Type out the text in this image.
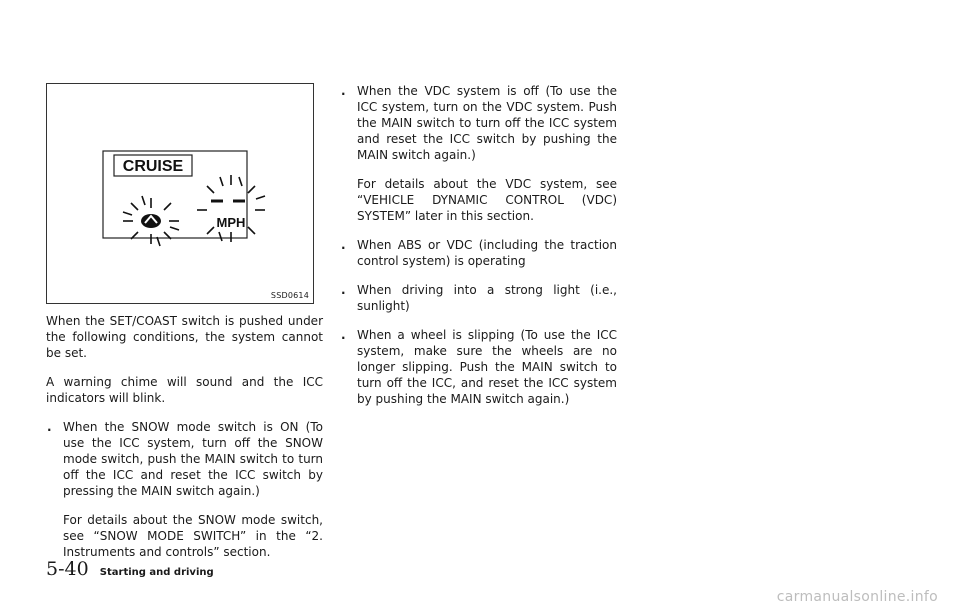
CRUISE
MPH
SSD0614

When the SET/COAST switch is pushed under the following conditions, the system cannot be set.

A warning chime will sound and the ICC indicators will blink.

. When the SNOW mode switch is ON (To use the ICC system, turn off the SNOW mode switch, push the MAIN switch to turn off the ICC and reset the ICC switch by pressing the MAIN switch again.)

For details about the SNOW mode switch, see “SNOW MODE SWITCH” in the “2. Instruments and controls” section.

. When the VDC system is off (To use the ICC system, turn on the VDC system. Push the MAIN switch to turn off the ICC system and reset the ICC switch by pushing the MAIN switch again.)

For details about the VDC system, see “VEHICLE DYNAMIC CONTROL (VDC) SYSTEM” later in this section.

. When ABS or VDC (including the traction control system) is operating

. When driving into a strong light (i.e., sunlight)

. When a wheel is slipping (To use the ICC system, make sure the wheels are no longer slipping. Push the MAIN switch to turn off the ICC, and reset the ICC system by pushing the MAIN switch again.)

5-40 Starting and driving
carmanualsonline.info
